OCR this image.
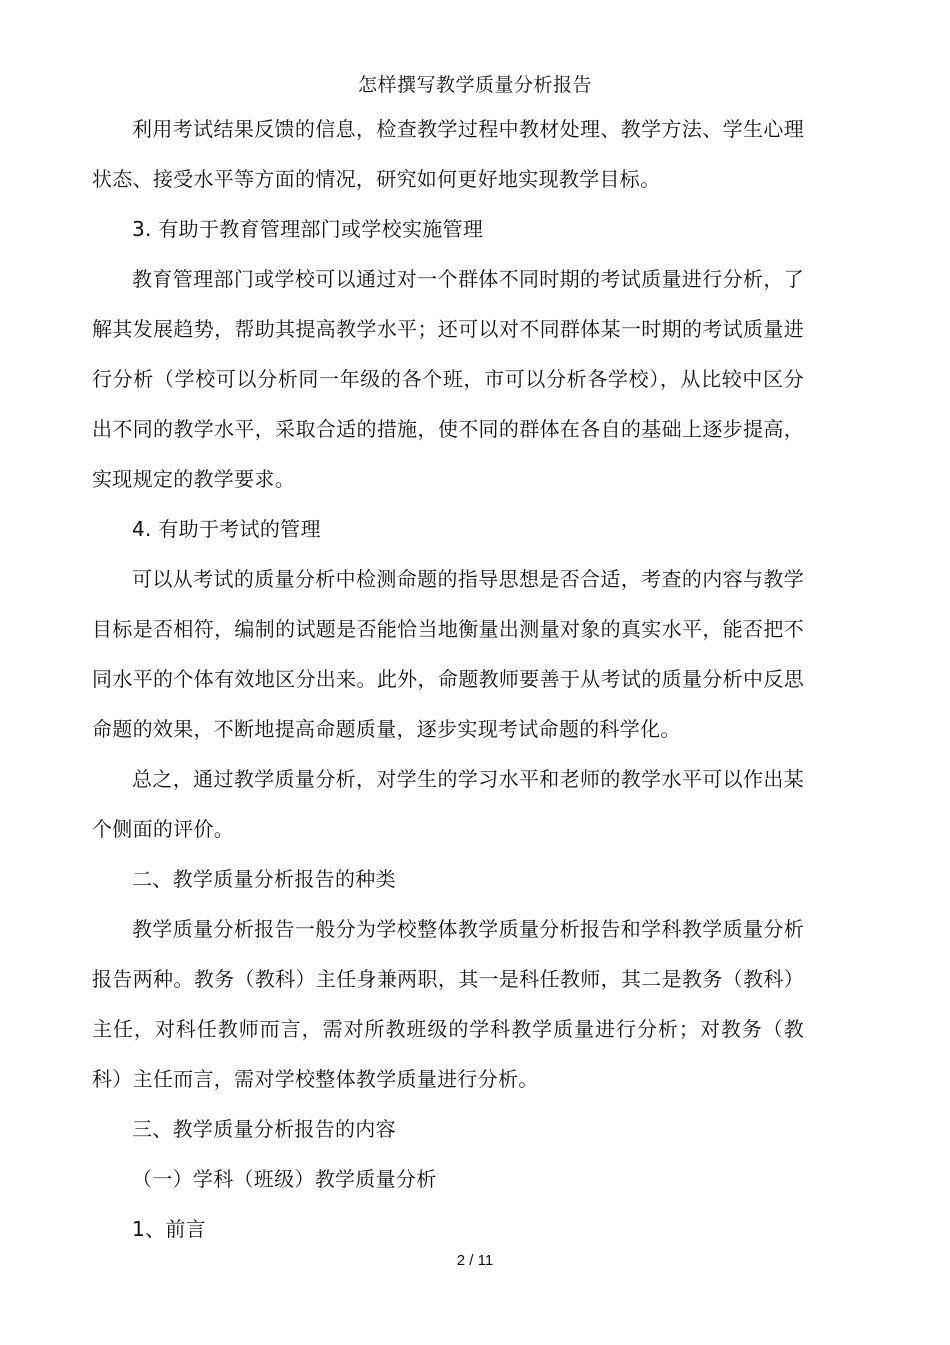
怎样撰写教学质量分析报告

利用考试结果反馈的信息，检查教学过程中教材处理、教学方法、学生心理状态、接受水平等方面的情况，研究如何更好地实现教学目标。

3. 有助于教育管理部门或学校实施管理

教育管理部门或学校可以通过对一个群体不同时期的考试质量进行分析，了解其发展趋势，帮助其提高教学水平；还可以对不同群体某一时期的考试质量进行分析（学校可以分析同一年级的各个班，市可以分析各学校），从比较中区分出不同的教学水平，采取合适的措施，使不同的群体在各自的基础上逐步提高，实现规定的教学要求。

4. 有助于考试的管理

可以从考试的质量分析中检测命题的指导思想是否合适，考查的内容与教学目标是否相符，编制的试题是否能恰当地衡量出测量对象的真实水平，能否把不同水平的个体有效地区分出来。此外，命题教师要善于从考试的质量分析中反思命题的效果，不断地提高命题质量，逐步实现考试命题的科学化。

总之，通过教学质量分析，对学生的学习水平和老师的教学水平可以作出某个侧面的评价。

二、教学质量分析报告的种类

教学质量分析报告一般分为学校整体教学质量分析报告和学科教学质量分析报告两种。教务（教科）主任身兼两职，其一是科任教师，其二是教务（教科）主任，对科任教师而言，需对所教班级的学科教学质量进行分析；对教务（教科）主任而言，需对学校整体教学质量进行分析。

三、教学质量分析报告的内容

（一）学科（班级）教学质量分析

1、前言

2 / 11
